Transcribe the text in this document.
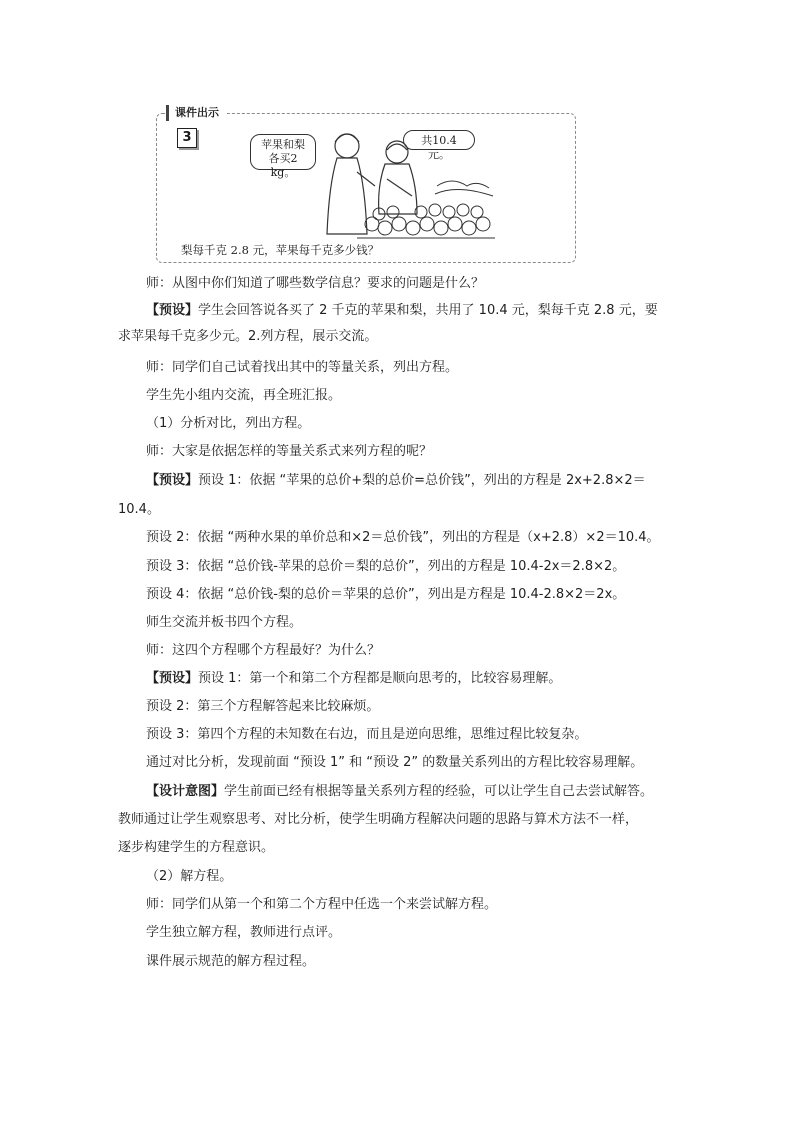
3	苹果和梨
各买2 kg。
共10.4元。
梨每千克 2.8 元，苹果每千克多少钱？
课件出示
师：从图中你们知道了哪些数学信息？要求的问题是什么？
【预设】学生会回答说各买了 2 千克的苹果和梨，共用了 10.4 元，梨每千克 2.8 元，要
求苹果每千克多少元。2.列方程，展示交流。
师：同学们自己试着找出其中的等量关系，列出方程。
学生先小组内交流，再全班汇报。
（1）分析对比，列出方程。
师：大家是依据怎样的等量关系式来列方程的呢？
【预设】预设 1：依据 “苹果的总价+梨的总价=总价钱”，列出的方程是 2x+2.8×2＝
10.4。
预设 2：依据 “两种水果的单价总和×2＝总价钱”，列出的方程是（x+2.8）×2＝10.4。
预设 3：依据 “总价钱-苹果的总价＝梨的总价”，列出的方程是 10.4-2x＝2.8×2。
预设 4：依据 “总价钱-梨的总价＝苹果的总价”，列出是方程是 10.4-2.8×2＝2x。
师生交流并板书四个方程。
师：这四个方程哪个方程最好？为什么？
【预设】预设 1：第一个和第二个方程都是顺向思考的，比较容易理解。
预设 2：第三个方程解答起来比较麻烦。
预设 3：第四个方程的未知数在右边，而且是逆向思维，思维过程比较复杂。
通过对比分析，发现前面 “预设 1” 和 “预设 2” 的数量关系列出的方程比较容易理解。
【设计意图】学生前面已经有根据等量关系列方程的经验，可以让学生自己去尝试解答。
教师通过让学生观察思考、对比分析，使学生明确方程解决问题的思路与算术方法不一样，
逐步构建学生的方程意识。
（2）解方程。
师：同学们从第一个和第二个方程中任选一个来尝试解方程。
学生独立解方程，教师进行点评。
课件展示规范的解方程过程。
